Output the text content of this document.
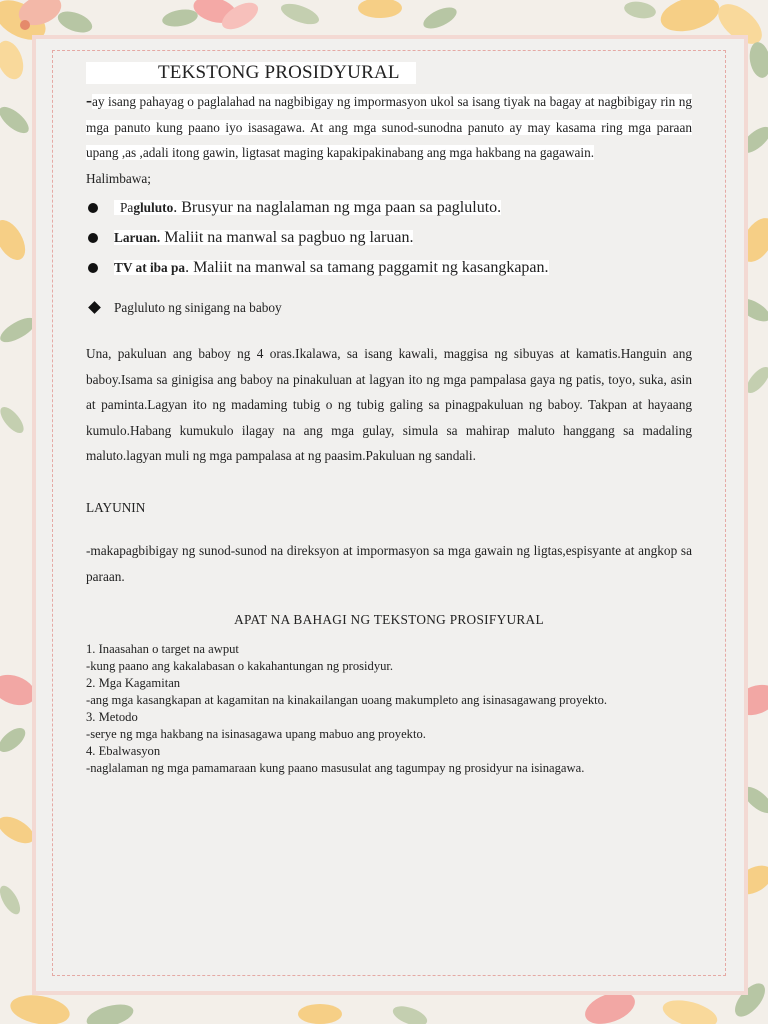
TEKSTONG PROSIDYURAL

-ay isang pahayag o paglalahad na nagbibigay ng impormasyon ukol sa isang tiyak na bagay at nagbibigay rin ng mga panuto kung paano iyo isasagawa. At ang mga sunod-sunodna panuto ay may kasama ring mga paraan upang ,as ,adali itong gawin, ligtasat maging kapakipakinabang ang mga hakbang na gagawain.

Halimbawa;

Pagluluto. Brusyur na naglalaman ng mga paan sa pagluluto.
Laruan. Maliit na manwal sa pagbuo ng laruan.
TV at iba pa. Maliit na manwal sa tamang paggamit ng kasangkapan.
Pagluluto ng sinigang na baboy

Una, pakuluan ang baboy ng 4 oras.Ikalawa, sa isang kawali, maggisa ng sibuyas at kamatis.Hanguin ang baboy.Isama sa ginigisa ang baboy na pinakuluan at lagyan ito ng mga pampalasa gaya ng patis, toyo, suka, asin at paminta.Lagyan ito ng madaming tubig o ng tubig galing sa pinagpakuluan ng baboy. Takpan at hayaang kumulo.Habang kumukulo ilagay na ang mga gulay, simula sa mahirap maluto hanggang sa madaling maluto.lagyan muli ng mga pampalasa at ng paasim.Pakuluan ng sandali.

LAYUNIN

-makapagbibigay ng sunod-sunod na direksyon at impormasyon sa mga gawain ng ligtas,espisyante at angkop sa paraan.

APAT NA BAHAGI NG TEKSTONG PROSIFYURAL

1. Inaasahan o target na awput

-kung paano ang kakalabasan o kakahantungan ng prosidyur.

2. Mga Kagamitan

-ang mga kasangkapan at kagamitan na kinakailangan uoang makumpleto ang isinasagawang proyekto.

3. Metodo

-serye ng mga hakbang na isinasagawa upang mabuo ang proyekto.

4. Ebalwasyon

-naglalaman ng mga pamamaraan kung paano masusulat ang tagumpay ng prosidyur na isinagawa.
